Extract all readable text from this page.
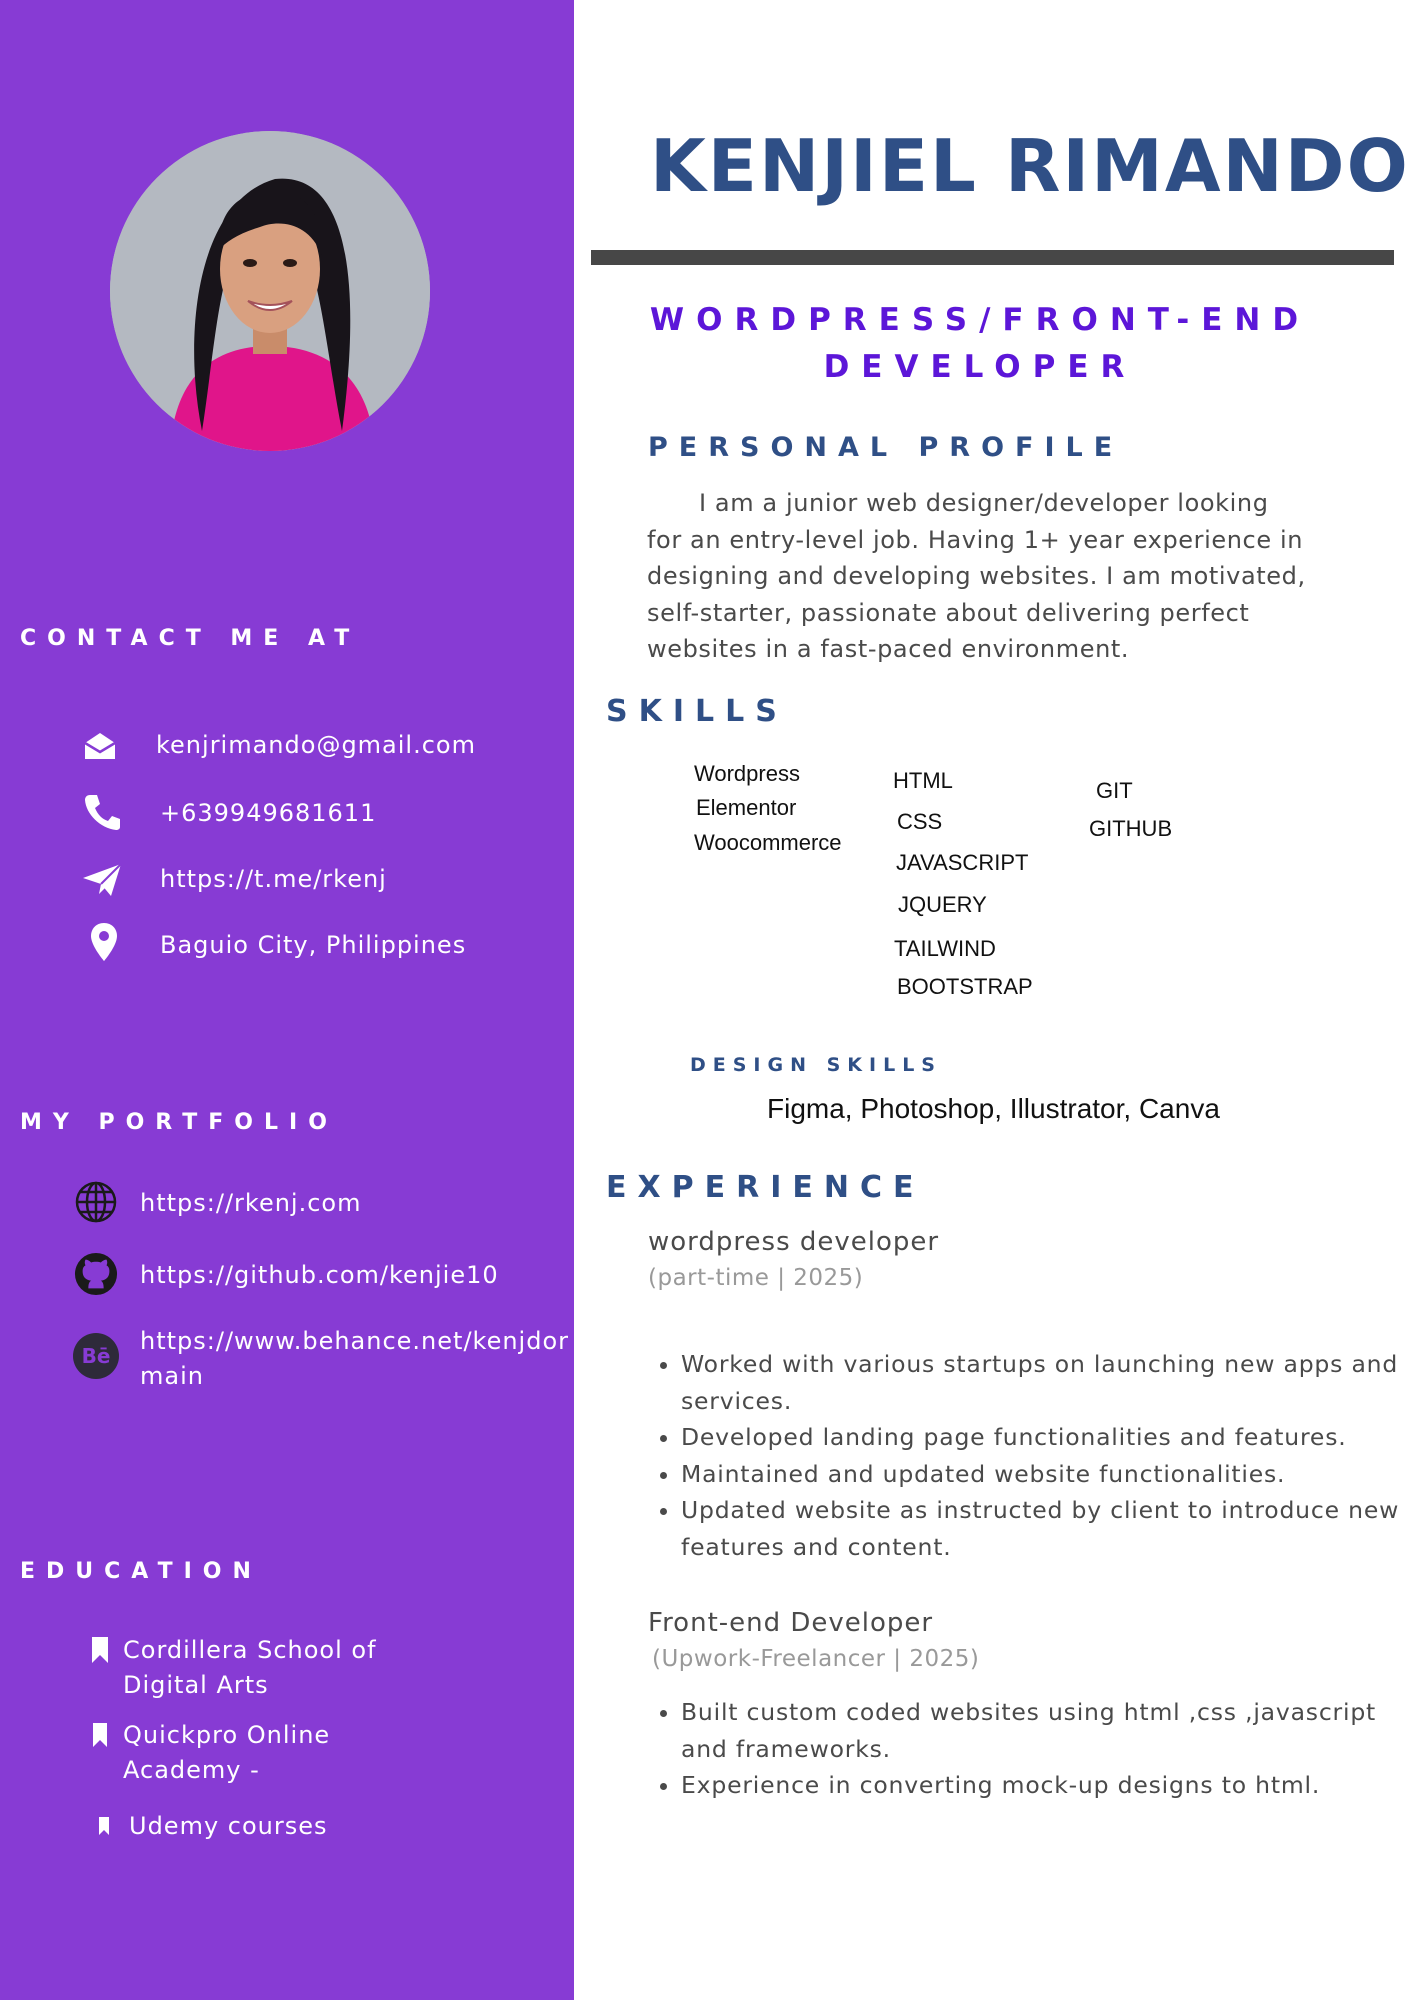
CONTACT ME AT
kenjrimando@gmail.com
+639949681611
https://t.me/rkenj
Baguio City, Philippines
MY PORTFOLIO
https://rkenj.com
https://github.com/kenjie10
Bē
https://www.behance.net/kenjdor
main
EDUCATION
Cordillera School of
Digital Arts
Quickpro Online
Academy -
Udemy courses
KENJIEL RIMANDO
WORDPRESS/FRONT-END
DEVELOPER
PERSONAL PROFILE
I am a junior web designer/developer looking for an entry-level job. Having 1+ year experience in designing and developing websites. I am motivated, self-starter, passionate about delivering perfect websites in a fast-paced environment.
SKILLS
Wordpress
Elementor
Woocommerce
HTML
CSS
JAVASCRIPT
JQUERY
TAILWIND
BOOTSTRAP
GIT
GITHUB
DESIGN SKILLS
Figma, Photoshop, Illustrator, Canva
EXPERIENCE
wordpress developer
(part-time | 2025)
• Worked with various startups on launching new apps and services.
• Developed landing page functionalities and features.
• Maintained and updated website functionalities.
• Updated website as instructed by client to introduce new features and content.
Front-end Developer
(Upwork-Freelancer | 2025)
• Built custom coded websites using html ,css ,javascript and frameworks.
• Experience in converting mock-up designs to html.
